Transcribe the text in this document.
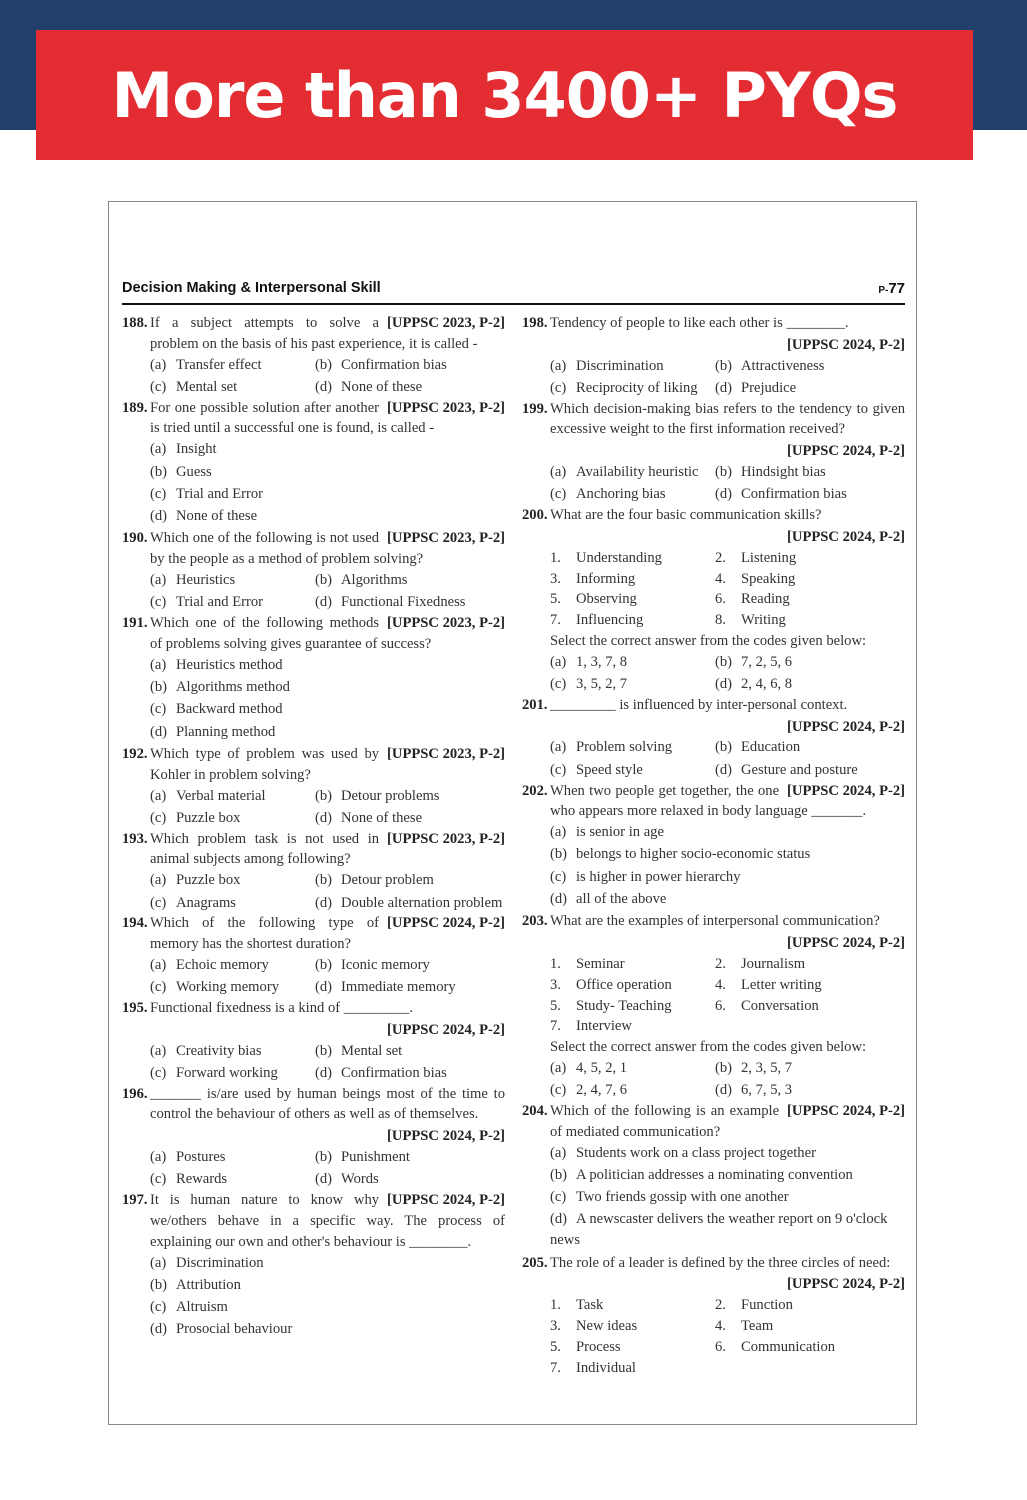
More than 3400+ PYQs
Decision Making & Interpersonal Skill	P-77
188.	[UPPSC 2023, P-2]
If a subject attempts to solve a problem on the basis of his past experience, it is called -
(a) Transfer effect	(b) Confirmation bias
(c) Mental set	(d) None of these
189.	[UPPSC 2023, P-2]
For one possible solution after another is tried until a successful one is found, is called -
(a) Insight
(b) Guess
(c) Trial and Error
(d) None of these
190.	[UPPSC 2023, P-2]
Which one of the following is not used by the people as a method of problem solving?
(a) Heuristics	(b) Algorithms
(c) Trial and Error	(d) Functional Fixedness
191.	[UPPSC 2023, P-2]
Which one of the following methods of problems solving gives guarantee of success?
(a) Heuristics method
(b) Algorithms method
(c) Backward method
(d) Planning method
192.	[UPPSC 2023, P-2]
Which type of problem was used by Kohler in problem solving?
(a) Verbal material	(b) Detour problems
(c) Puzzle box	(d) None of these
193.	[UPPSC 2023, P-2]
Which problem task is not used in animal subjects among following?
(a) Puzzle box	(b) Detour problem
(c) Anagrams	(d) Double alternation problem
194.	[UPPSC 2024, P-2]
Which of the following type of memory has the shortest duration?
(a) Echoic memory	(b) Iconic memory
(c) Working memory	(d) Immediate memory
195. Functional fixedness is a kind of _________.
[UPPSC 2024, P-2]
(a) Creativity bias	(b) Mental set
(c) Forward working	(d) Confirmation bias
196. _______ is/are used by human beings most of the time to control the behaviour of others as well as of themselves.
[UPPSC 2024, P-2]
(a) Postures	(b) Punishment
(c) Rewards	(d) Words
197.	[UPPSC 2024, P-2]
It is human nature to know why we/others behave in a specific way. The process of explaining our own and other's behaviour is ________.
(a) Discrimination
(b) Attribution
(c) Altruism
(d) Prosocial behaviour
198. Tendency of people to like each other is ________.
[UPPSC 2024, P-2]
(a) Discrimination	(b) Attractiveness
(c) Reciprocity of liking	(d) Prejudice
199. Which decision-making bias refers to the tendency to given excessive weight to the first information received?
[UPPSC 2024, P-2]
(a) Availability heuristic	(b) Hindsight bias
(c) Anchoring bias	(d) Confirmation bias
200. What are the four basic communication skills?
[UPPSC 2024, P-2]
1. Understanding	2. Listening
3. Informing	4. Speaking
5. Observing	6. Reading
7. Influencing	8. Writing
Select the correct answer from the codes given below:
(a) 1, 3, 7, 8	(b) 7, 2, 5, 6
(c) 3, 5, 2, 7	(d) 2, 4, 6, 8
201. _________ is influenced by inter-personal context.
[UPPSC 2024, P-2]
(a) Problem solving	(b) Education
(c) Speed style	(d) Gesture and posture
202.	[UPPSC 2024, P-2]
When two people get together, the one who appears more relaxed in body language _______.
(a) is senior in age
(b) belongs to higher socio-economic status
(c) is higher in power hierarchy
(d) all of the above
203. What are the examples of interpersonal communication?
[UPPSC 2024, P-2]
1. Seminar	2. Journalism
3. Office operation	4. Letter writing
5. Study- Teaching	6. Conversation
7. Interview
Select the correct answer from the codes given below:
(a) 4, 5, 2, 1	(b) 2, 3, 5, 7
(c) 2, 4, 7, 6	(d) 6, 7, 5, 3
204.	[UPPSC 2024, P-2]
Which of the following is an example of mediated communication?
(a) Students work on a class project together
(b) A politician addresses a nominating convention
(c) Two friends gossip with one another
(d) A newscaster delivers the weather report on 9 o'clock news
205. The role of a leader is defined by the three circles of need:
[UPPSC 2024, P-2]
1. Task	2. Function
3. New ideas	4. Team
5. Process	6. Communication
7. Individual
